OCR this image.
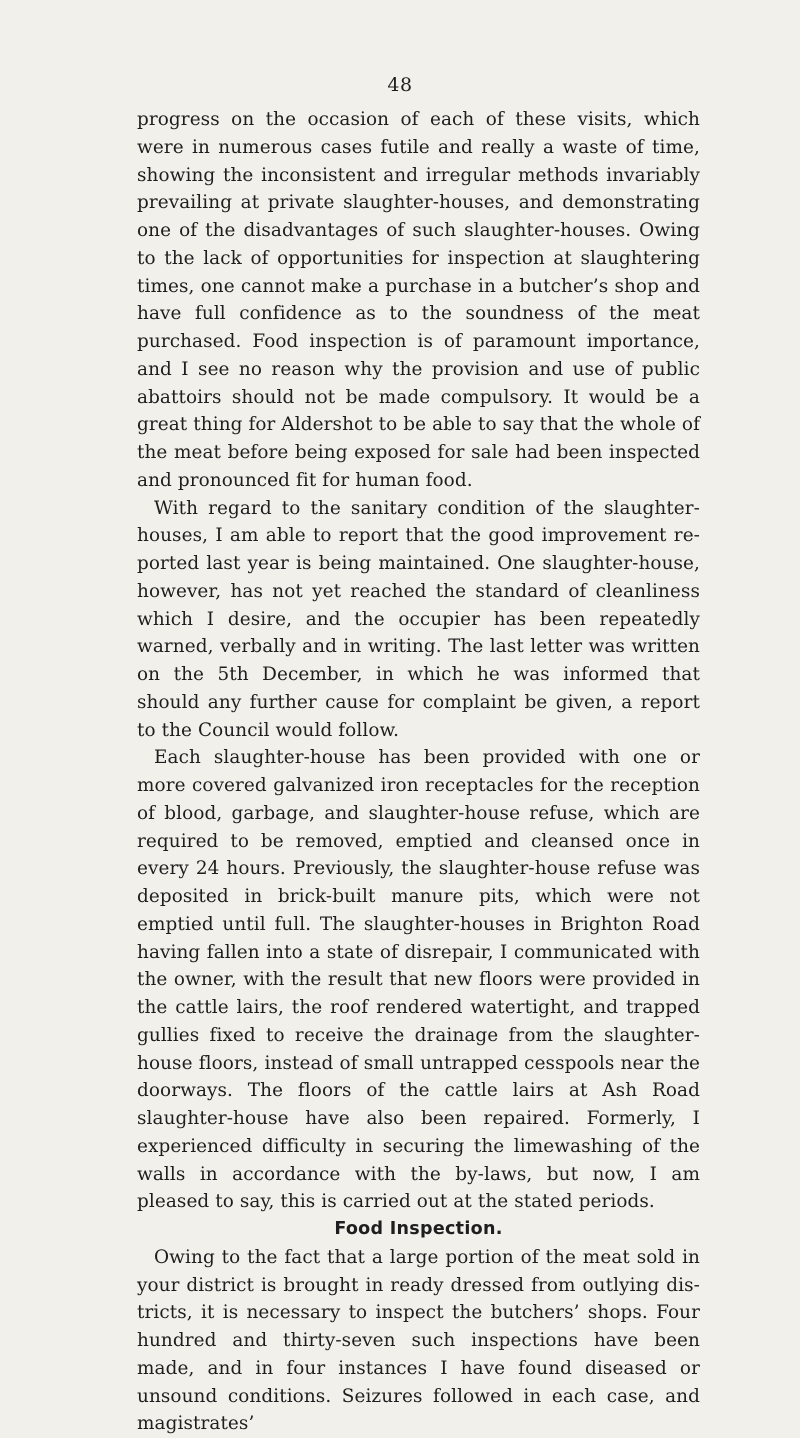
48

progress on the occasion of each of these visits, which were in numerous cases futile and really a waste of time, showing the inconsistent and irregular methods invariably prevailing at private slaughter-houses, and demonstrating one of the disadvantages of such slaughter-houses. Owing to the lack of opportunities for inspection at slaughtering times, one cannot make a purchase in a butcher’s shop and have full confidence as to the soundness of the meat purchased. Food inspection is of paramount importance, and I see no reason why the provision and use of public abattoirs should not be made compulsory. It would be a great thing for Aldershot to be able to say that the whole of the meat before being exposed for sale had been inspected and pronounced fit for human food.

With regard to the sanitary condition of the slaughter-houses, I am able to report that the good improvement re-ported last year is being maintained. One slaughter-house, however, has not yet reached the standard of cleanliness which I desire, and the occupier has been repeatedly warned, verbally and in writing. The last letter was written on the 5th December, in which he was informed that should any further cause for complaint be given, a report to the Council would follow.

Each slaughter-house has been provided with one or more covered galvanized iron receptacles for the reception of blood, garbage, and slaughter-house refuse, which are required to be removed, emptied and cleansed once in every 24 hours. Previously, the slaughter-house refuse was deposited in brick-built manure pits, which were not emptied until full. The slaughter-houses in Brighton Road having fallen into a state of disrepair, I communicated with the owner, with the result that new floors were provided in the cattle lairs, the roof rendered watertight, and trapped gullies fixed to receive the drainage from the slaughter-house floors, instead of small untrapped cesspools near the doorways. The floors of the cattle lairs at Ash Road slaughter-house have also been repaired. Formerly, I experienced difficulty in securing the limewashing of the walls in accordance with the by-laws, but now, I am pleased to say, this is carried out at the stated periods.

Food Inspection.

Owing to the fact that a large portion of the meat sold in your district is brought in ready dressed from outlying dis-tricts, it is necessary to inspect the butchers’ shops. Four hundred and thirty-seven such inspections have been made, and in four instances I have found diseased or unsound conditions. Seizures followed in each case, and magistrates’
